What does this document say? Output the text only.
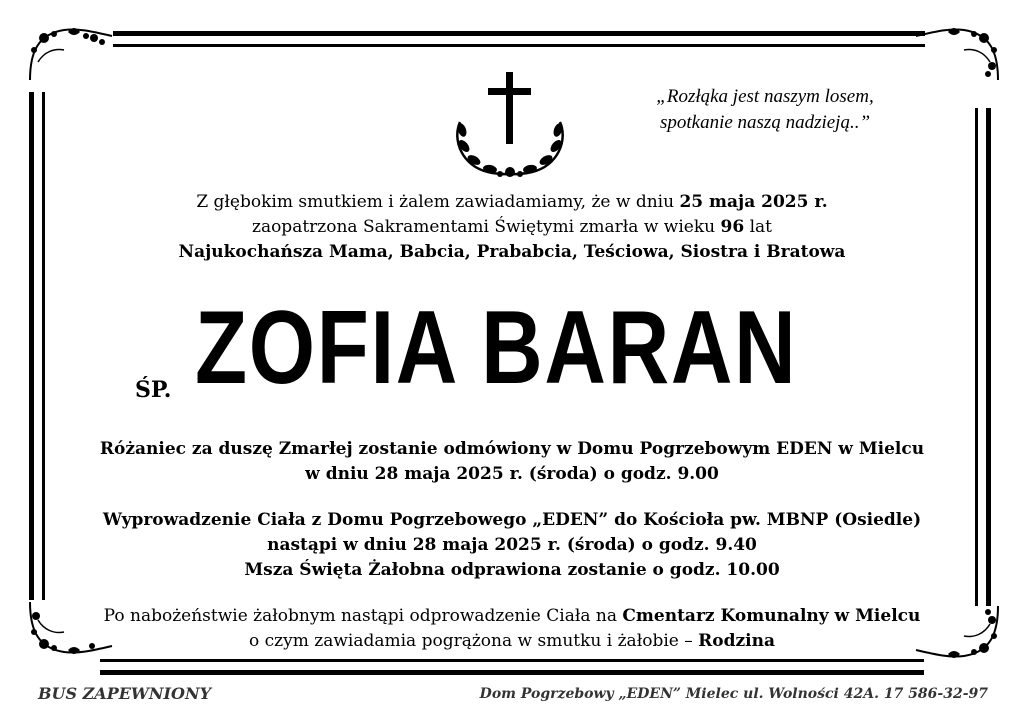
„Rozłąka jest naszym losem,
spotkanie naszą nadzieją..”
Z głębokim smutkiem i żalem zawiadamiamy, że w dniu 25 maja 2025 r.
zaopatrzona Sakramentami Świętymi zmarła w wieku 96 lat
Najukochańsza Mama, Babcia, Prababcia, Teściowa, Siostra i Bratowa
ŚP. ZOFIA BARAN
Różaniec za duszę Zmarłej zostanie odmówiony w Domu Pogrzebowym EDEN w Mielcu
w dniu 28 maja 2025 r. (środa) o godz. 9.00
Wyprowadzenie Ciała z Domu Pogrzebowego „EDEN” do Kościoła pw. MBNP (Osiedle)
nastąpi w dniu 28 maja 2025 r. (środa) o godz. 9.40
Msza Święta Żałobna odprawiona zostanie o godz. 10.00
Po nabożeństwie żałobnym nastąpi odprowadzenie Ciała na Cmentarz Komunalny w Mielcu
o czym zawiadamia pogrążona w smutku i żałobie – Rodzina
BUS ZAPEWNIONY	Dom Pogrzebowy „EDEN” Mielec ul. Wolności 42A. 17 586-32-97
